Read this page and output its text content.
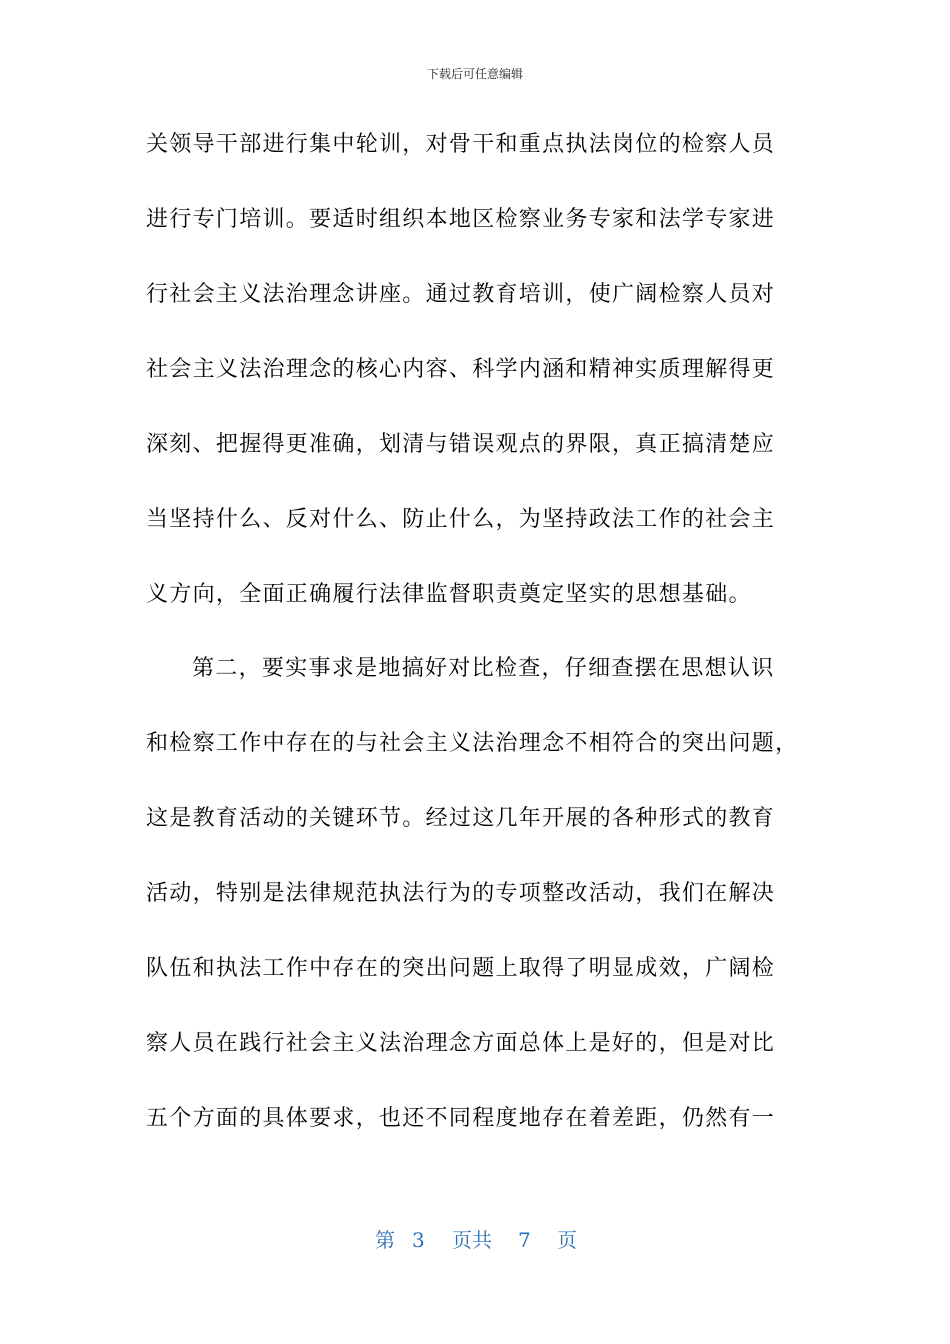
下载后可任意编辑
关领导干部进行集中轮训，对骨干和重点执法岗位的检察人员
进行专门培训。要适时组织本地区检察业务专家和法学专家进
行社会主义法治理念讲座。通过教育培训，使广阔检察人员对
社会主义法治理念的核心内容、科学内涵和精神实质理解得更
深刻、把握得更准确，划清与错误观点的界限，真正搞清楚应
当坚持什么、反对什么、防止什么，为坚持政法工作的社会主
义方向，全面正确履行法律监督职责奠定坚实的思想基础。
第二，要实事求是地搞好对比检查，仔细查摆在思想认识
和检察工作中存在的与社会主义法治理念不相符合的突出问题，
这是教育活动的关键环节。经过这几年开展的各种形式的教育
活动，特别是法律规范执法行为的专项整改活动，我们在解决
队伍和执法工作中存在的突出问题上取得了明显成效，广阔检
察人员在践行社会主义法治理念方面总体上是好的，但是对比
五个方面的具体要求，也还不同程度地存在着差距，仍然有一
第 3 页共 7 页
